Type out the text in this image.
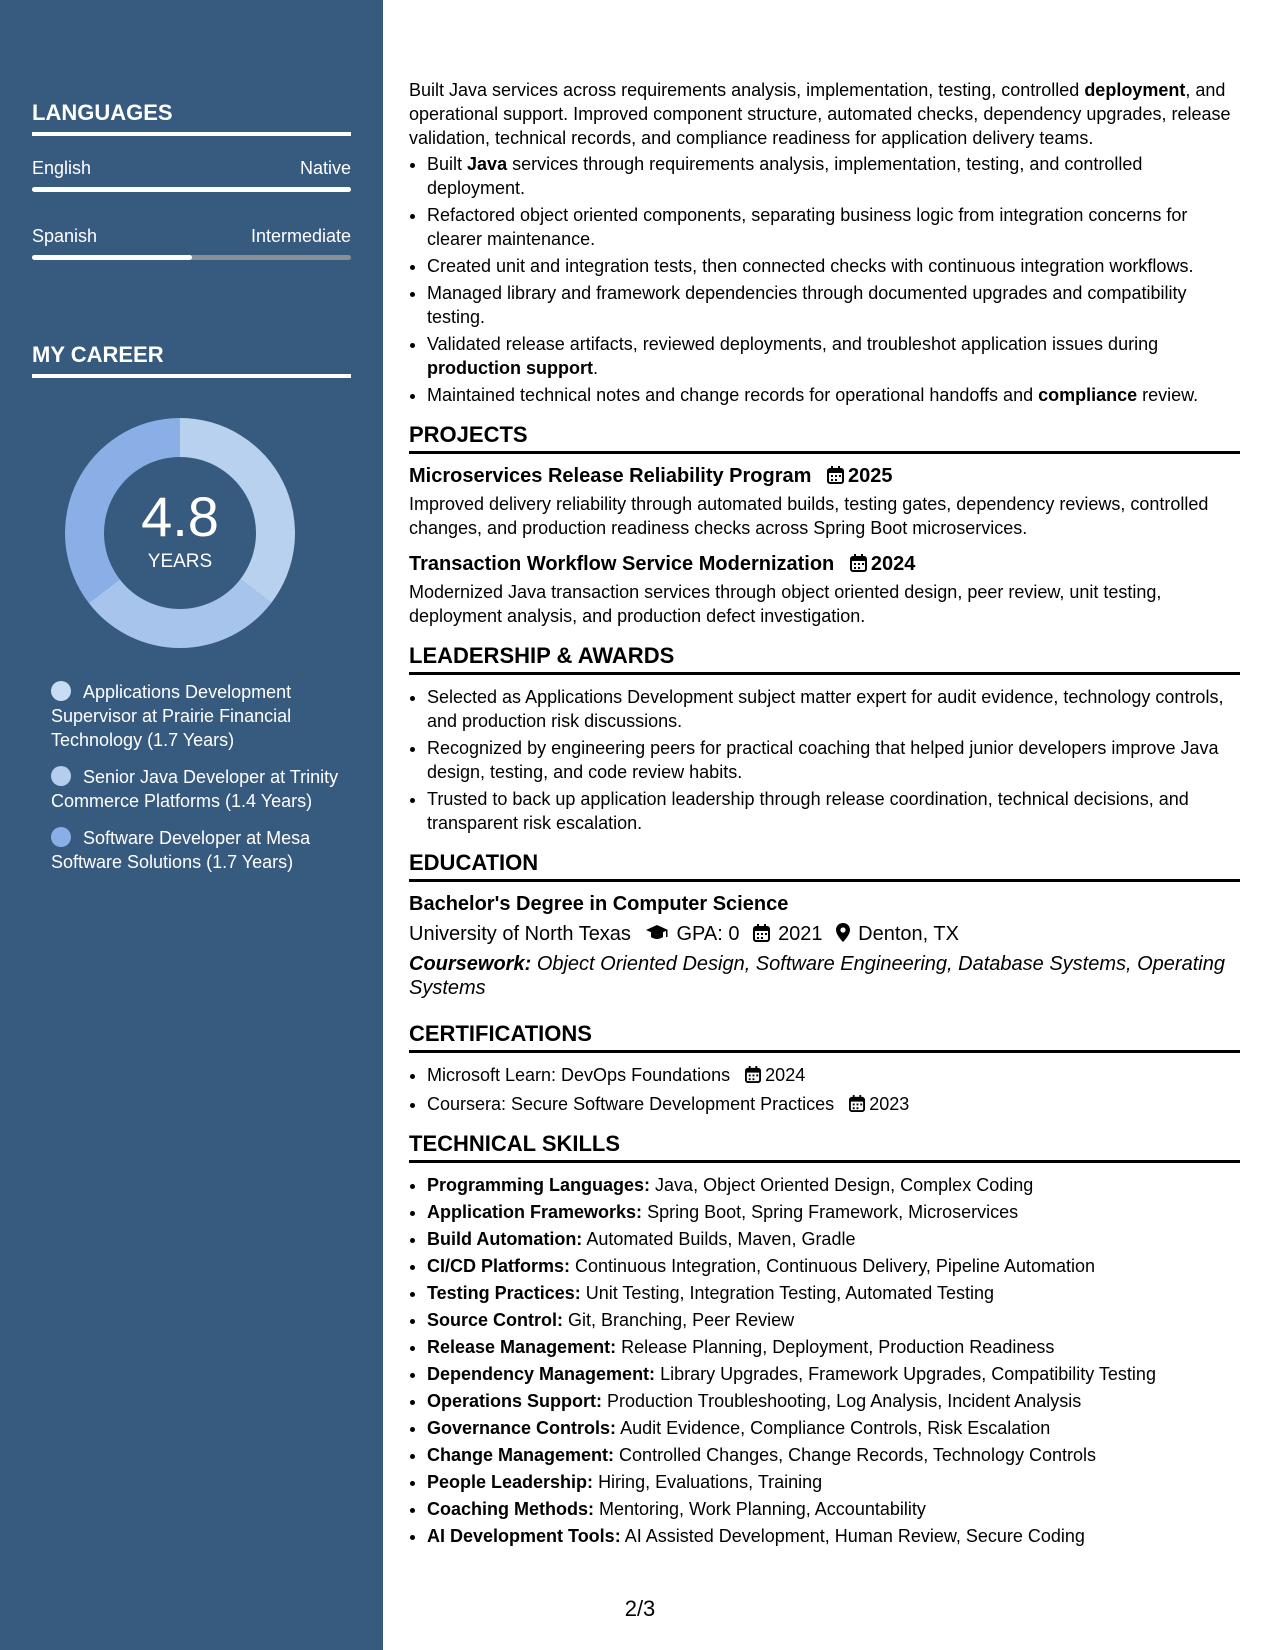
LANGUAGES
English	Native
Spanish	Intermediate
MY CAREER
4.8
YEARS
Applications Development Supervisor at Prairie Financial Technology (1.7 Years)
Senior Java Developer at Trinity Commerce Platforms (1.4 Years)
Software Developer at Mesa Software Solutions (1.7 Years)

Built Java services across requirements analysis, implementation, testing, controlled deployment, and operational support. Improved component structure, automated checks, dependency upgrades, release validation, technical records, and compliance readiness for application delivery teams.

• Built Java services through requirements analysis, implementation, testing, and controlled deployment.
• Refactored object oriented components, separating business logic from integration concerns for clearer maintenance.
• Created unit and integration tests, then connected checks with continuous integration workflows.
• Managed library and framework dependencies through documented upgrades and compatibility testing.
• Validated release artifacts, reviewed deployments, and troubleshot application issues during production support.
• Maintained technical notes and change records for operational handoffs and compliance review.
PROJECTS
Microservices Release Reliability Program 2025

Improved delivery reliability through automated builds, testing gates, dependency reviews, controlled changes, and production readiness checks across Spring Boot microservices.

Transaction Workflow Service Modernization 2024

Modernized Java transaction services through object oriented design, peer review, unit testing, deployment analysis, and production defect investigation.

LEADERSHIP & AWARDS
• Selected as Applications Development subject matter expert for audit evidence, technology controls, and production risk discussions.
• Recognized by engineering peers for practical coaching that helped junior developers improve Java design, testing, and code review habits.
• Trusted to back up application leadership through release coordination, technical decisions, and transparent risk escalation.
EDUCATION
Bachelor's Degree in Computer Science
University of North Texas GPA: 0 2021 Denton, TX

Coursework: Object Oriented Design, Software Engineering, Database Systems, Operating Systems

CERTIFICATIONS
• Microsoft Learn: DevOps Foundations 2024
• Coursera: Secure Software Development Practices 2023
TECHNICAL SKILLS
• Programming Languages: Java, Object Oriented Design, Complex Coding
• Application Frameworks: Spring Boot, Spring Framework, Microservices
• Build Automation: Automated Builds, Maven, Gradle
• CI/CD Platforms: Continuous Integration, Continuous Delivery, Pipeline Automation
• Testing Practices: Unit Testing, Integration Testing, Automated Testing
• Source Control: Git, Branching, Peer Review
• Release Management: Release Planning, Deployment, Production Readiness
• Dependency Management: Library Upgrades, Framework Upgrades, Compatibility Testing
• Operations Support: Production Troubleshooting, Log Analysis, Incident Analysis
• Governance Controls: Audit Evidence, Compliance Controls, Risk Escalation
• Change Management: Controlled Changes, Change Records, Technology Controls
• People Leadership: Hiring, Evaluations, Training
• Coaching Methods: Mentoring, Work Planning, Accountability
• AI Development Tools: AI Assisted Development, Human Review, Secure Coding
2/3
